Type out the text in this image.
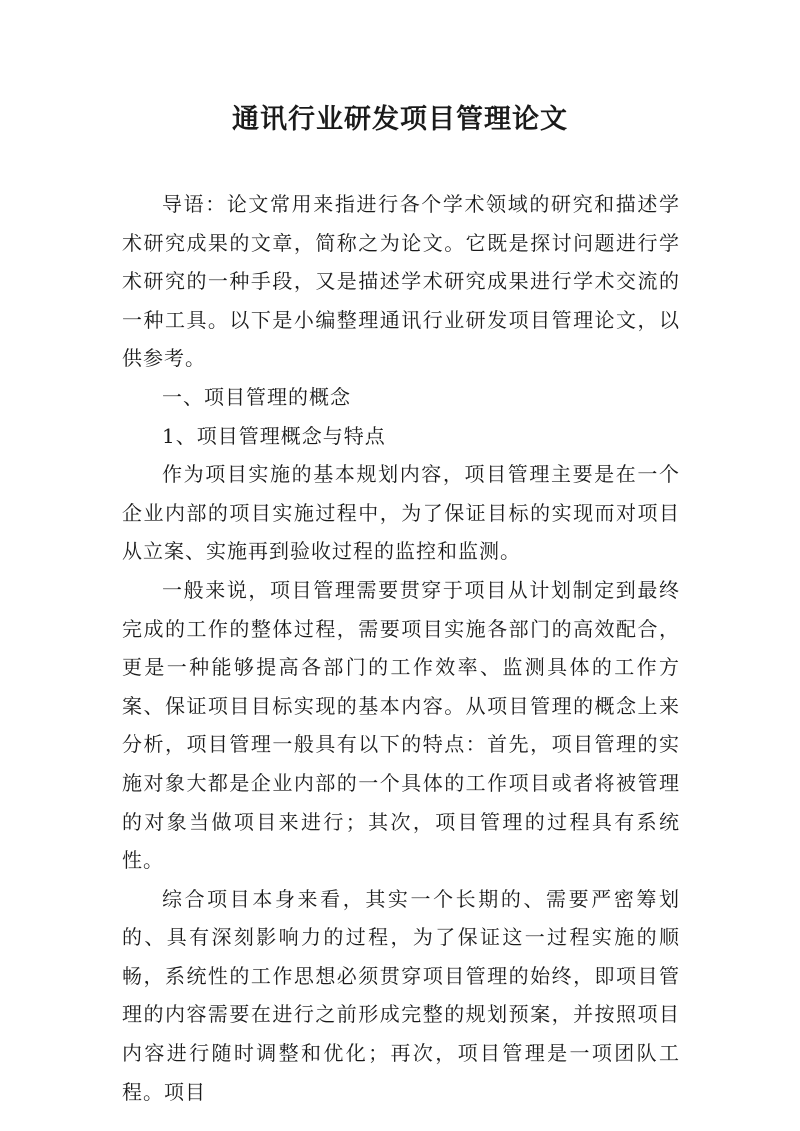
通讯行业研发项目管理论文

导语：论文常用来指进行各个学术领域的研究和描述学术研究成果的文章，简称之为论文。它既是探讨问题进行学术研究的一种手段，又是描述学术研究成果进行学术交流的一种工具。以下是小编整理通讯行业研发项目管理论文，以供参考。

一、项目管理的概念

1、项目管理概念与特点

作为项目实施的基本规划内容，项目管理主要是在一个企业内部的项目实施过程中，为了保证目标的实现而对项目从立案、实施再到验收过程的监控和监测。

一般来说，项目管理需要贯穿于项目从计划制定到最终完成的工作的整体过程，需要项目实施各部门的高效配合，更是一种能够提高各部门的工作效率、监测具体的工作方案、保证项目目标实现的基本内容。从项目管理的概念上来分析，项目管理一般具有以下的特点：首先，项目管理的实施对象大都是企业内部的一个具体的工作项目或者将被管理的对象当做项目来进行；其次，项目管理的过程具有系统性。

综合项目本身来看，其实一个长期的、需要严密筹划的、具有深刻影响力的过程，为了保证这一过程实施的顺畅，系统性的工作思想必须贯穿项目管理的始终，即项目管理的内容需要在进行之前形成完整的规划预案，并按照项目内容进行随时调整和优化；再次，项目管理是一项团队工程。项目
